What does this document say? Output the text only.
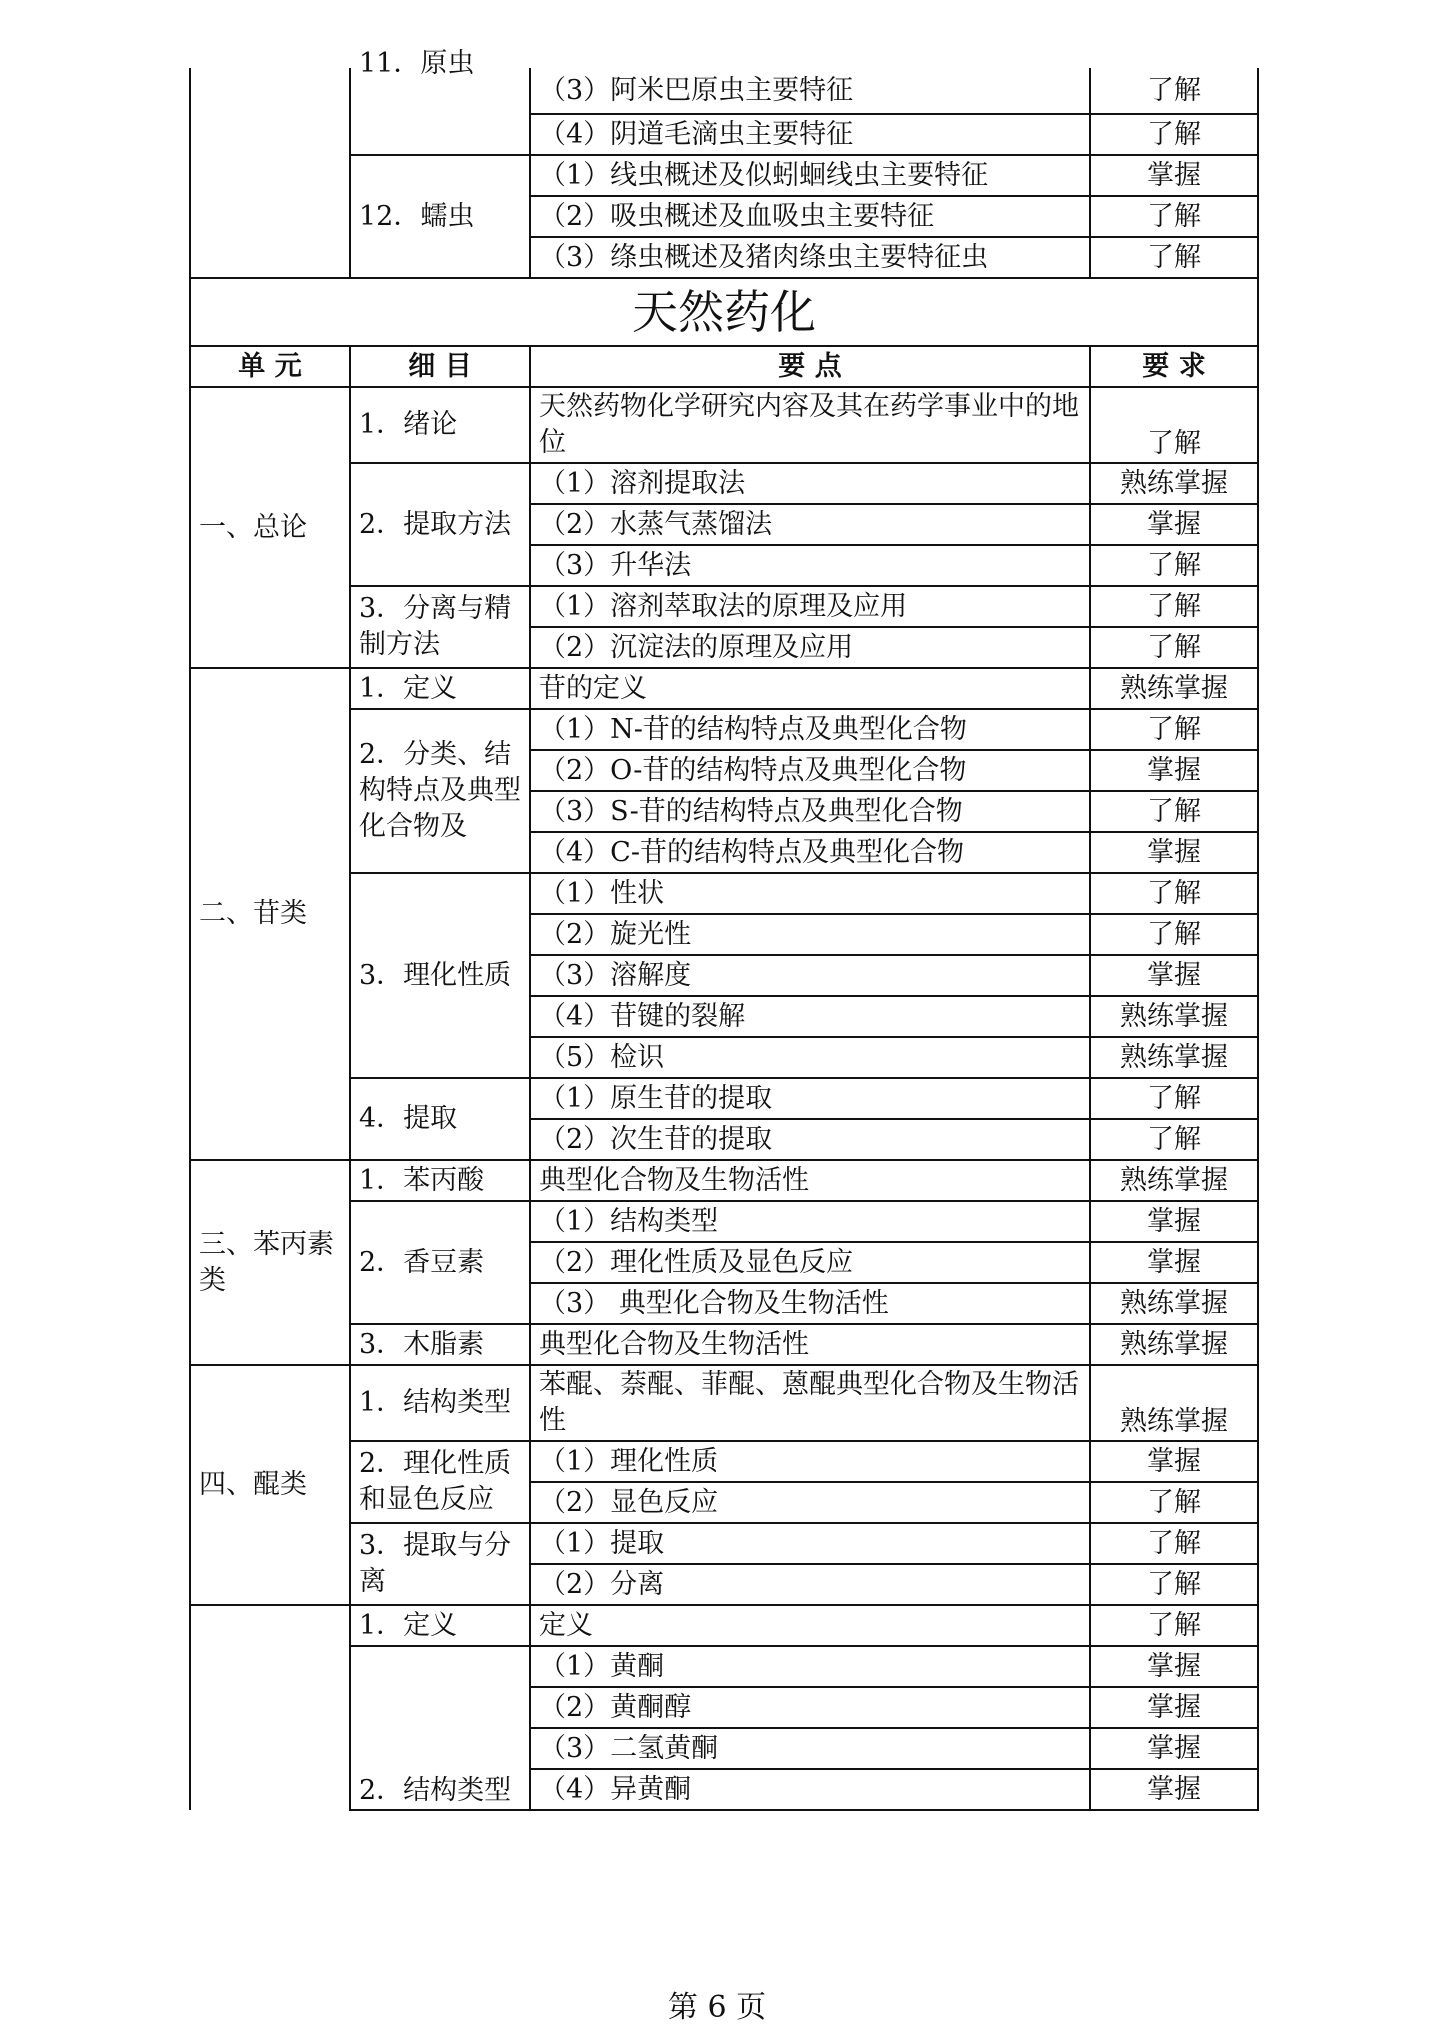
	11．原虫	（3）阿米巴原虫主要特征	了解
		（4）阴道毛滴虫主要特征	了解
	12．蠕虫	（1）线虫概述及似蚓蛔线虫主要特征	掌握
		（2）吸虫概述及血吸虫主要特征	了解
		（3）绦虫概述及猪肉绦虫主要特征虫	了解
天然药化			
单 元	细 目	要 点	要 求
一、总论	1．绪论	天然药物化学研究内容及其在药学事业中的地位	了解
	2．提取方法	（1）溶剂提取法	熟练掌握
		（2）水蒸气蒸馏法	掌握
		（3）升华法	了解
	3．分离与精制方法	（1）溶剂萃取法的原理及应用	了解
		（2）沉淀法的原理及应用	了解
二、苷类	1．定义	苷的定义	熟练掌握
	2．分类、结构特点及典型化合物及	（1）N-苷的结构特点及典型化合物	了解
		（2）O-苷的结构特点及典型化合物	掌握
		（3）S-苷的结构特点及典型化合物	了解
		（4）C-苷的结构特点及典型化合物	掌握
	3．理化性质	（1）性状	了解
		（2）旋光性	了解
		（3）溶解度	掌握
		（4）苷键的裂解	熟练掌握
		（5）检识	熟练掌握
	4．提取	（1）原生苷的提取	了解
		（2）次生苷的提取	了解
三、苯丙素类	1．苯丙酸	典型化合物及生物活性	熟练掌握
	2．香豆素	（1）结构类型	掌握
		（2）理化性质及显色反应	掌握
		（3） 典型化合物及生物活性	熟练掌握
	3．木脂素	典型化合物及生物活性	熟练掌握
四、醌类	1．结构类型	苯醌、萘醌、菲醌、蒽醌典型化合物及生物活性	熟练掌握
	2．理化性质和显色反应	（1）理化性质	掌握
		（2）显色反应	了解
	3．提取与分离	（1）提取	了解
		（2）分离	了解
	1．定义	定义	了解
	2．结构类型	（1）黄酮	掌握
		（2）黄酮醇	掌握
		（3）二氢黄酮	掌握
		（4）异黄酮	掌握
第 6 页
